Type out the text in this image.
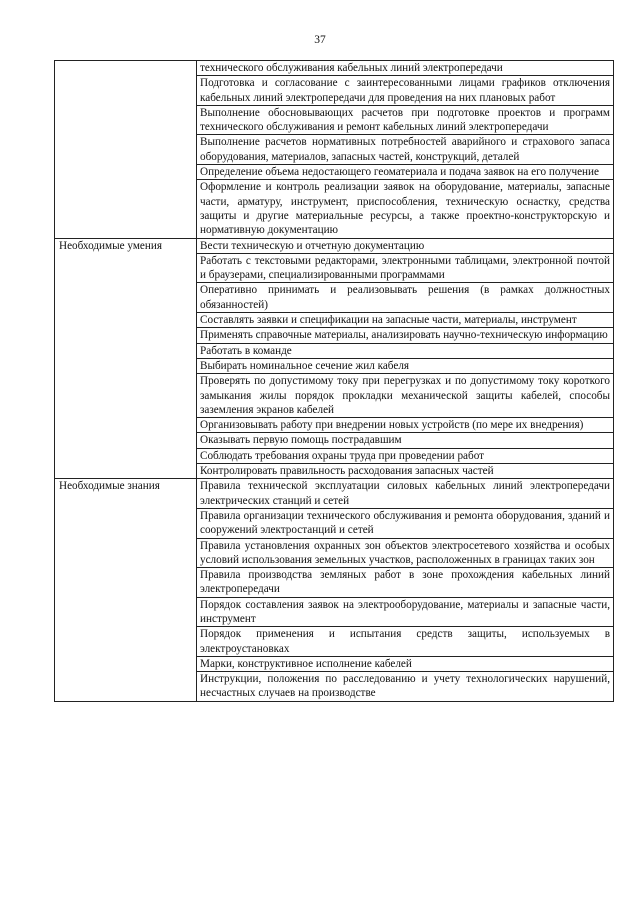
37
	технического обслуживания кабельных линий электропередачи
	Подготовка и согласование с заинтересованными лицами графиков отключения кабельных линий электропередачи для проведения на них плановых работ
	Выполнение обосновывающих расчетов при подготовке проектов и программ технического обслуживания и ремонт кабельных линий электропередачи
	Выполнение расчетов нормативных потребностей аварийного и страхового запаса оборудования, материалов, запасных частей, конструкций, деталей
	Определение объема недостающего геоматериала и подача заявок на его получение
	Оформление и контроль реализации заявок на оборудование, материалы, запасные части, арматуру, инструмент, приспособления, техническую оснастку, средства защиты и другие материальные ресурсы, а также проектно-конструкторскую и нормативную документацию
Необходимые умения	Вести техническую и отчетную документацию
	Работать с текстовыми редакторами, электронными таблицами, электронной почтой и браузерами, специализированными программами
	Оперативно принимать и реализовывать решения (в рамках должностных обязанностей)
	Составлять заявки и спецификации на запасные части, материалы, инструмент
	Применять справочные материалы, анализировать научно-техническую информацию
	Работать в команде
	Выбирать номинальное сечение жил кабеля
	Проверять по допустимому току при перегрузках и по допустимому току короткого замыкания жилы порядок прокладки механической защиты кабелей, способы заземления экранов кабелей
	Организовывать работу при внедрении новых устройств (по мере их внедрения)
	Оказывать первую помощь пострадавшим
	Соблюдать требования охраны труда при проведении работ
	Контролировать правильность расходования запасных частей
Необходимые знания	Правила технической эксплуатации силовых кабельных линий электропередачи электрических станций и сетей
	Правила организации технического обслуживания и ремонта оборудования, зданий и сооружений электростанций и сетей
	Правила установления охранных зон объектов электросетевого хозяйства и особых условий использования земельных участков, расположенных в границах таких зон
	Правила производства земляных работ в зоне прохождения кабельных линий электропередачи
	Порядок составления заявок на электрооборудование, материалы и запасные части, инструмент
	Порядок применения и испытания средств защиты, используемых в электроустановках
	Марки, конструктивное исполнение кабелей
	Инструкции, положения по расследованию и учету технологических нарушений, несчастных случаев на производстве
